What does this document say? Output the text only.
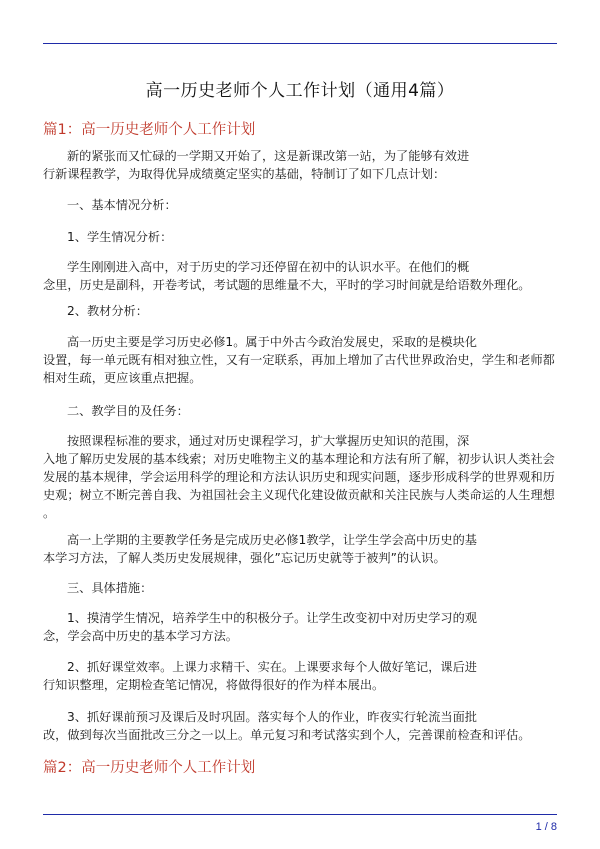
高一历史老师个人工作计划（通用4篇）
篇1：高一历史老师个人工作计划
新的紧张而又忙碌的一学期又开始了，这是新课改第一站，为了能够有效进
行新课程教学，为取得优异成绩奠定坚实的基础，特制订了如下几点计划：
一、基本情况分析：
1、学生情况分析：
学生刚刚进入高中，对于历史的学习还停留在初中的认识水平。在他们的概
念里，历史是副科，开卷考试，考试题的思维量不大，平时的学习时间就是给语数外理化。
2、教材分析：
高一历史主要是学习历史必修1。属于中外古今政治发展史，采取的是模块化
设置，每一单元既有相对独立性，又有一定联系，再加上增加了古代世界政治史，学生和老师都
相对生疏，更应该重点把握。
二、教学目的及任务：
按照课程标准的要求，通过对历史课程学习，扩大掌握历史知识的范围，深
入地了解历史发展的基本线索；对历史唯物主义的基本理论和方法有所了解，初步认识人类社会
发展的基本规律，学会运用科学的理论和方法认识历史和现实问题，逐步形成科学的世界观和历
史观；树立不断完善自我、为祖国社会主义现代化建设做贡献和关注民族与人类命运的人生理想
。
高一上学期的主要教学任务是完成历史必修1教学，让学生学会高中历史的基
本学习方法，了解人类历史发展规律，强化”忘记历史就等于被判”的认识。
三、具体措施：
1、摸清学生情况，培养学生中的积极分子。让学生改变初中对历史学习的观
念，学会高中历史的基本学习方法。
2、抓好课堂效率。上课力求精干、实在。上课要求每个人做好笔记，课后进
行知识整理，定期检查笔记情况，将做得很好的作为样本展出。
3、抓好课前预习及课后及时巩固。落实每个人的作业，昨夜实行轮流当面批
改，做到每次当面批改三分之一以上。单元复习和考试落实到个人，完善课前检查和评估。
篇2：高一历史老师个人工作计划
1 / 8
